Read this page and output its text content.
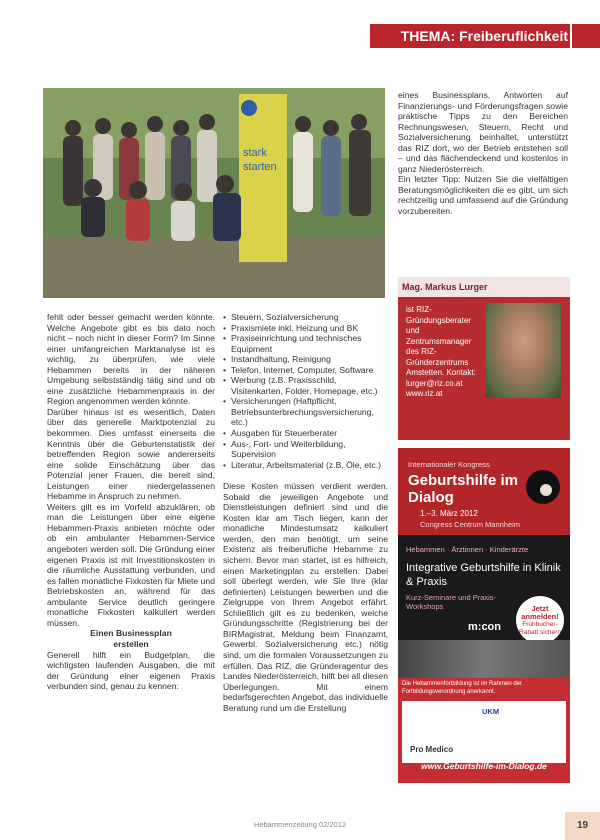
THEMA: Freiberuflichkeit
stark
starten

fehlt oder besser gemacht werden könnte. Welche Angebote gibt es bis dato noch nicht – noch nicht in dieser Form? Im Sinne einer umfangreichen Marktanalyse ist es wichtig, zu überprüfen, wie viele Hebammen bereits in der näheren Umgebung selbstständig tätig sind und ob eine zusätzliche Hebammenpraxis in der Region angenommen werden könnte.

Darüber hinaus ist es wesentlich, Daten über das generelle Marktpotenzial zu bekommen. Dies umfasst einerseits die Kenntnis über die Geburtenstatistik der betreffenden Region sowie andererseits eine solide Einschätzung über das Potenzial jener Frauen, die bereit sind, Leistungen einer niedergelassenen Hebamme in Anspruch zu nehmen.

Weiters gilt es im Vorfeld abzuklären, ob man die Leistungen über eine eigene Hebammen-Praxis anbieten möchte oder ob ein ambulanter Hebammen-Service angeboten werden soll. Die Gründung einer eigenen Praxis ist mit Investitionskosten in die räumliche Ausstattung verbunden, und es fallen monatliche Fixkosten für Miete und Betriebskosten an, während für das ambulante Service deutlich geringere monatliche Fixkosten kalkuliert werden müssen.

Einen Businessplan
erstellen

Generell hilft ein Budgetplan, die wichtigsten laufenden Ausgaben, die mit der Gründung einer eigenen Praxis verbunden sind, genau zu kennen:

• Steuern, Sozialversicherung
• Praxismiete inkl. Heizung und BK
• Praxiseinrichtung und technisches Equipment
• Instandhaltung, Reinigung
• Telefon, Internet, Computer, Software
• Werbung (z.B. Praxisschild, Visitenkarten, Folder, Homepage, etc.)
• Versicherungen (Haftpflicht, Betriebsunterbrechungsversicherung, etc.)
• Ausgaben für Steuerberater
• Aus-, Fort- und Weiterbildung, Supervision
• Literatur, Arbeitsmaterial (z.B. Öle, etc.)

Diese Kosten müssen verdient werden. Sobald die jeweiligen Angebote und Dienstleistungen definiert sind und die Kosten klar am Tisch liegen, kann der monatliche Mindestumsatz kalkuliert werden, den man benötigt, um seine Existenz als freiberufliche Hebamme zu sichern. Bevor man startet, ist es hilfreich, einen Marketingplan zu erstellen. Dabei soll überlegt werden, wie Sie Ihre (klar definierten) Leistungen bewerben und die Zielgruppe von Ihrem Angebot erfährt. Schließlich gilt es zu bedenken, welche Gründungsschritte (Registrierung bei der BIRMagistrat, Meldung beim Finanzamt, Gewerbl. Sozialversicherung etc.) nötig sind, um die formalen Voraussetzungen zu erfüllen. Das RIZ, die Gründeragentur des Landes Niederösterreich, hilft bei all diesen Überlegungen. Mit einem bedarfsgerechten Angebot, das individuelle Beratung rund um die Erstellung

eines Businessplans, Antworten auf Finanzierungs- und Förderungsfragen sowie praktische Tipps zu den Bereichen Rechnungswesen, Steuern, Recht und Sozialversicherung beinhaltet, unterstützt das RIZ dort, wo der Betrieb entstehen soll – und das flächendeckend und kostenlos in ganz Niederösterreich.

Ein letzter Tipp: Nutzen Sie die vielfältigen Beratungsmöglichkeiten die es gibt, um sich rechtzeitig und umfassend auf die Gründung vorzubereiten.

Mag. Markus Lurger
ist RIZ-Gründungsberater und Zentrumsmanager des RIZ-Gründerzentrums Amstetten. Kontakt: lurger@riz.co.at www.riz.at
Internationaler Kongress
Geburtshilfe im Dialog
1.–3. März 2012
Congress Centrum Mannheim
Hebammen · Ärztinnen · Kinderärzte
Integrative Geburtshilfe in Klinik & Praxis
Kurz-Seminare und Praxis-Workshops	Jetzt anmelden!
Frühbucher-Rabatt sichern
m:con
Die Hebammenfortbildung ist im Rahmen der Fortbildungsverordnung anerkannt.
UKM
Pro Medico
www.Geburtshilfe-im-Dialog.de
Hebammenzeitung 02/2012	19
